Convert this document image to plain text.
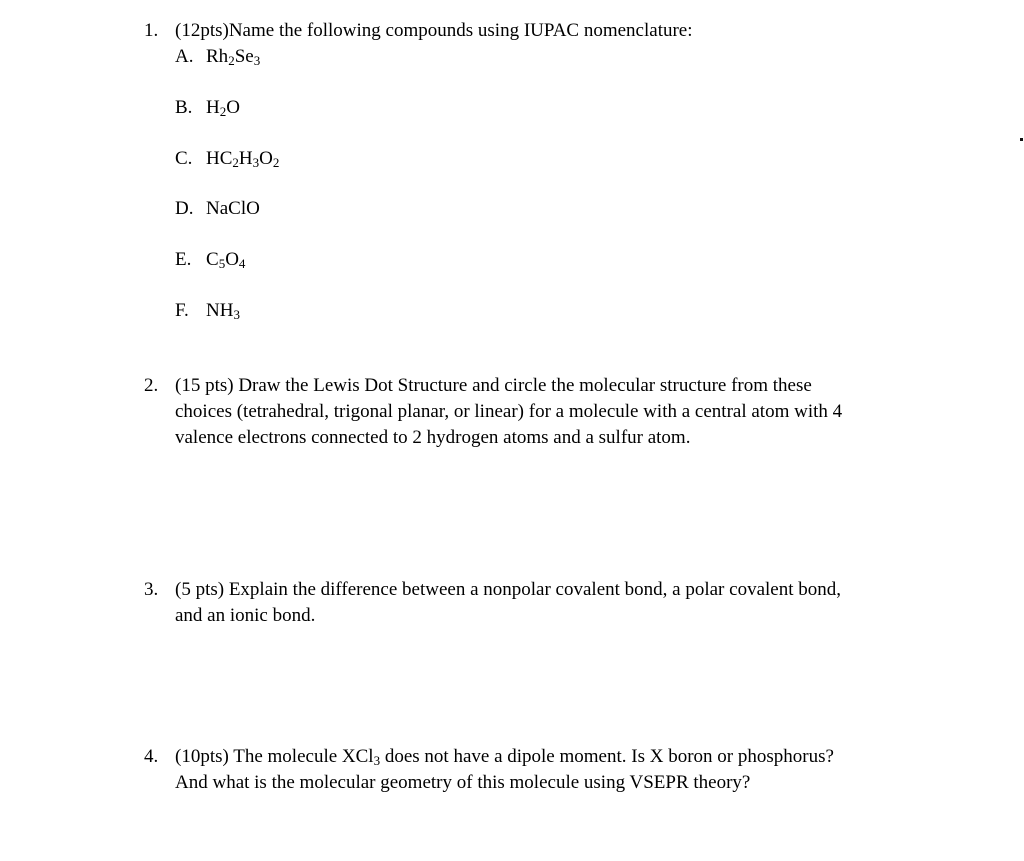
1. (12pts)Name the following compounds using IUPAC nomenclature:
A. $Rh_2Se_3$
B. $H_2O$
C. $HC_2H_3O_2$
D. NaClO
E. $C_5O_4$
F. $NH_3$
2. (15 pts) Draw the Lewis Dot Structure and circle the molecular structure from these
choices (tetrahedral, trigonal planar, or linear) for a molecule with a central atom with 4
valence electrons connected to 2 hydrogen atoms and a sulfur atom.
3. (5 pts) Explain the difference between a nonpolar covalent bond, a polar covalent bond,
and an ionic bond.
4. (10pts) The molecule XCl$_3$ does not have a dipole moment. Is X boron or phosphorus?
And what is the molecular geometry of this molecule using VSEPR theory?
